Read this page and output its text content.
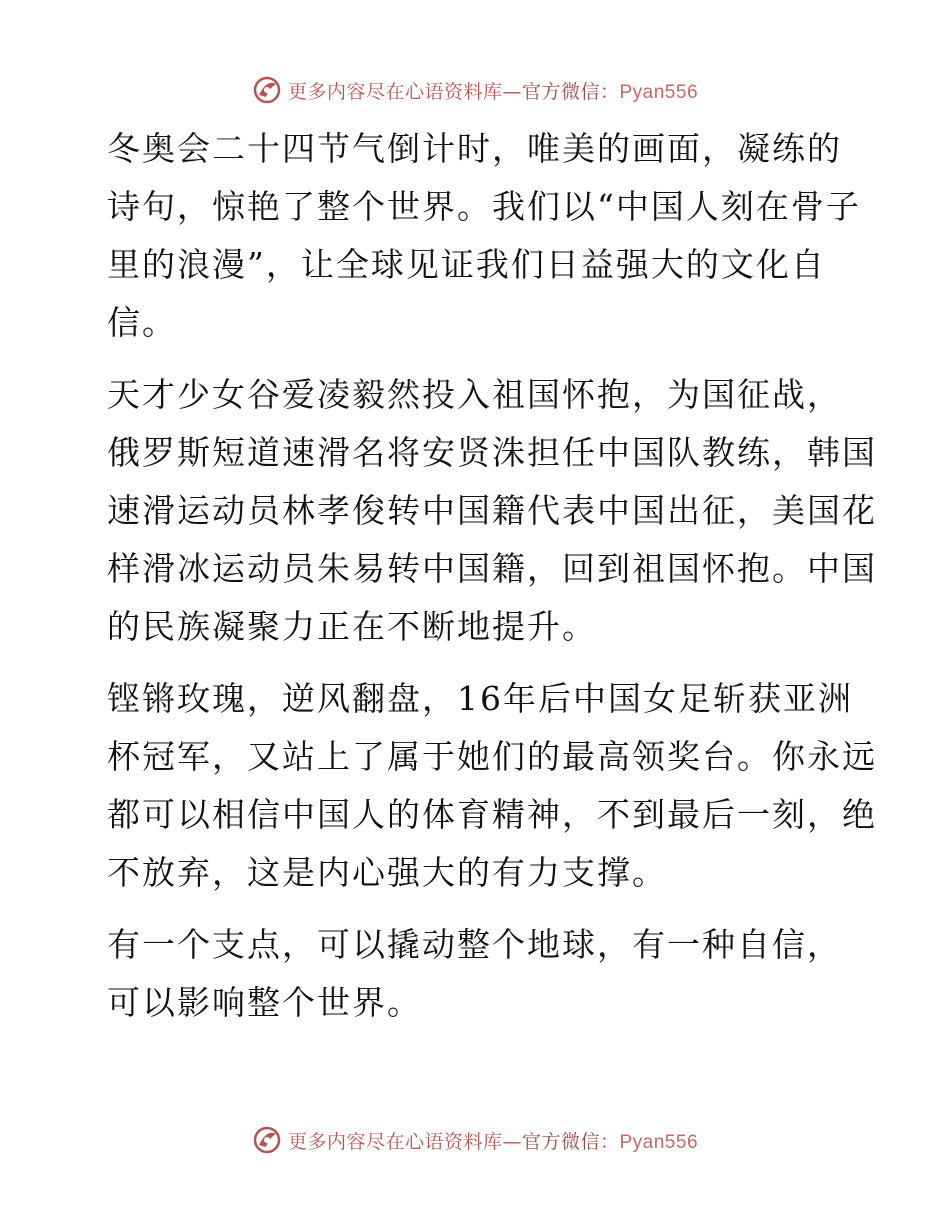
更多内容尽在心语资料库—官方微信：Pyan556
冬奥会二十四节气倒计时，唯美的画面，凝练的
诗句，惊艳了整个世界。我们以“中国人刻在骨子
里的浪漫”，让全球见证我们日益强大的文化自
信。
天才少女谷爱凌毅然投入祖国怀抱，为国征战，
俄罗斯短道速滑名将安贤洙担任中国队教练，韩国
速滑运动员林孝俊转中国籍代表中国出征，美国花
样滑冰运动员朱易转中国籍，回到祖国怀抱。中国
的民族凝聚力正在不断地提升。
铿锵玫瑰，逆风翻盘，16年后中国女足斩获亚洲
杯冠军，又站上了属于她们的最高领奖台。你永远
都可以相信中国人的体育精神，不到最后一刻，绝
不放弃，这是内心强大的有力支撑。
有一个支点，可以撬动整个地球，有一种自信，
可以影响整个世界。
更多内容尽在心语资料库—官方微信：Pyan556
